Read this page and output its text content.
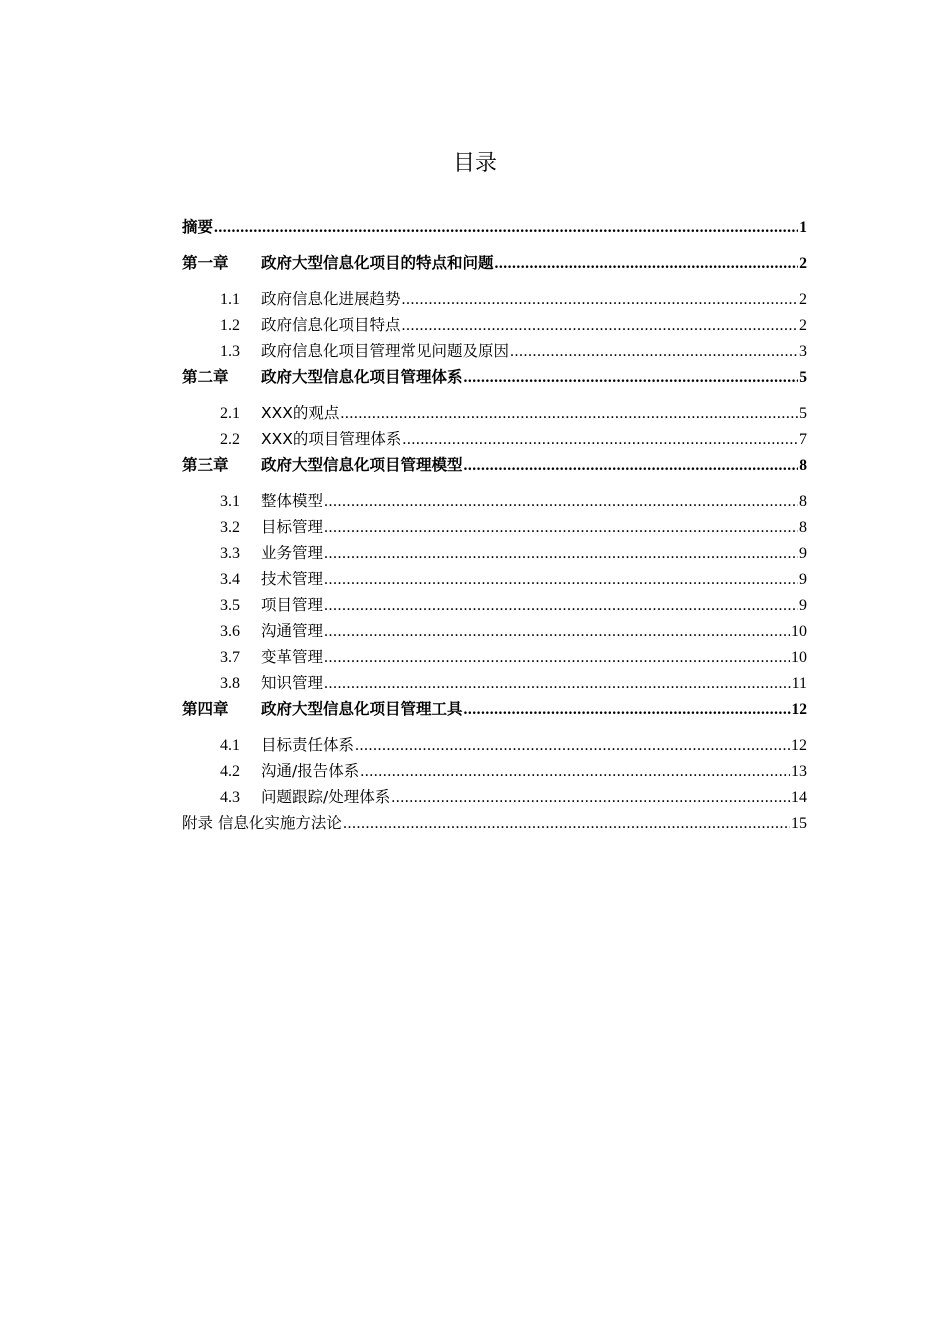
目录
摘要 .....	1
第一章	政府大型信息化项目的特点和问题 .....	2
1.1	政府信息化进展趋势 .....	2
1.2	政府信息化项目特点 .....	2
1.3	政府信息化项目管理常见问题及原因 .....	3
第二章	政府大型信息化项目管理体系 .....	5
2.1	XXX的观点 .....	5
2.2	XXX的项目管理体系 .....	7
第三章	政府大型信息化项目管理模型 .....	8
3.1	整体模型 .....	8
3.2	目标管理 .....	8
3.3	业务管理 .....	9
3.4	技术管理 .....	9
3.5	项目管理 .....	9
3.6	沟通管理 .....	10
3.7	变革管理 .....	10
3.8	知识管理 .....	11
第四章	政府大型信息化项目管理工具 .....	12
4.1	目标责任体系 .....	12
4.2	沟通/报告体系 .....	13
4.3	问题跟踪/处理体系 .....	14
附录 信息化实施方法论 .....	15
